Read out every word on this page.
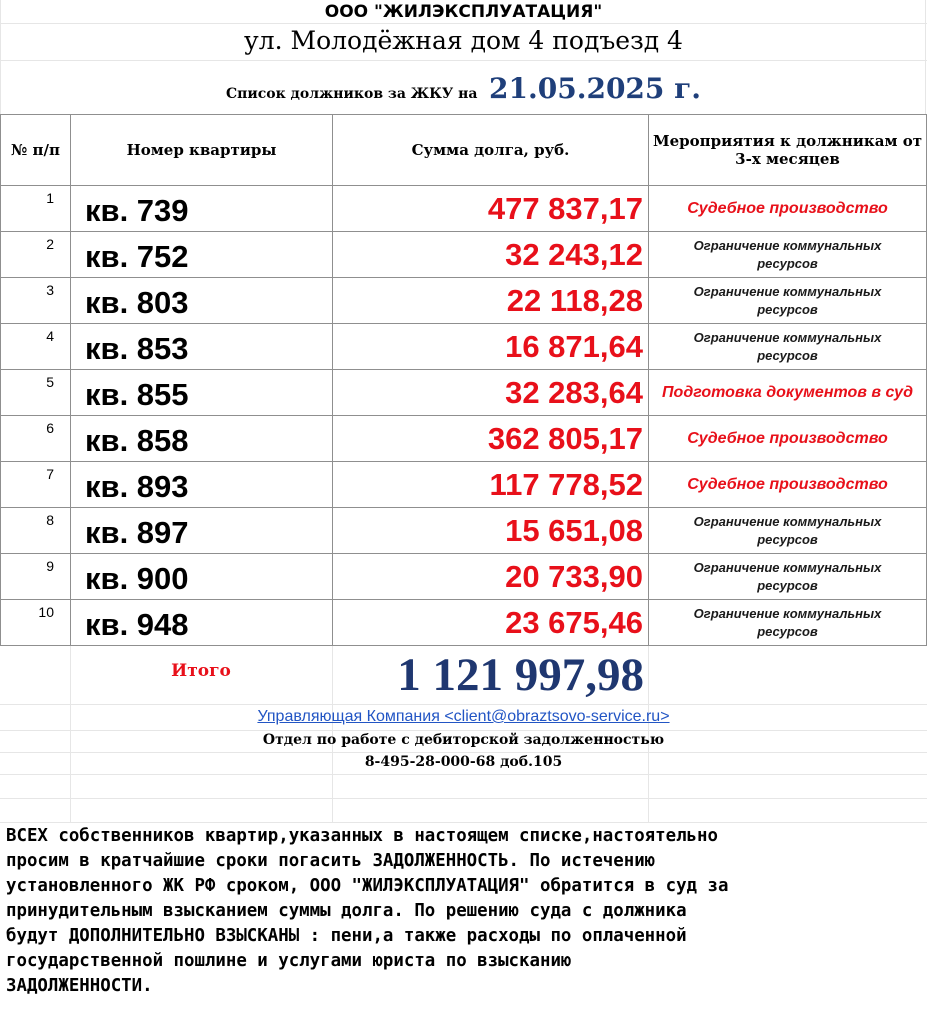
ООО "ЖИЛЭКСПЛУАТАЦИЯ"
ул. Молодёжная дом 4 подъезд 4
Список должников за ЖКУ на 21.05.2025 г.
№ п/п	Номер квартиры	Сумма долга, руб.	Мероприятия к должникам от 3-х месяцев

1	кв. 739	477 837,17	Судебное производство

2	кв. 752	32 243,12	Ограничение коммунальных ресурсов

3	кв. 803	22 118,28	Ограничение коммунальных ресурсов

4	кв. 853	16 871,64	Ограничение коммунальных ресурсов

5	кв. 855	32 283,64	Подготовка документов в суд

6	кв. 858	362 805,17	Судебное производство

7	кв. 893	117 778,52	Судебное производство

8	кв. 897	15 651,08	Ограничение коммунальных ресурсов

9	кв. 900	20 733,90	Ограничение коммунальных ресурсов

10	кв. 948	23 675,46	Ограничение коммунальных ресурсов
Итого	1 121 997,98
Управляющая Компания <client@obraztsovo-service.ru>
Отдел по работе с дебиторской задолженностью
8-495-28-000-68 доб.105
ВСЕХ собственников квартир,указанных в настоящем списке,настоятельно
просим в кратчайшие сроки погасить ЗАДОЛЖЕННОСТЬ. По истечению
установленного ЖК РФ сроком, ООО "ЖИЛЭКСПЛУАТАЦИЯ" обратится в суд за
принудительным взысканием суммы долга. По решению суда с должника
будут ДОПОЛНИТЕЛЬНО ВЗЫСКАНЫ : пени,а также расходы по оплаченной
государственной пошлине и услугами юриста по взысканию
ЗАДОЛЖЕННОСТИ.
